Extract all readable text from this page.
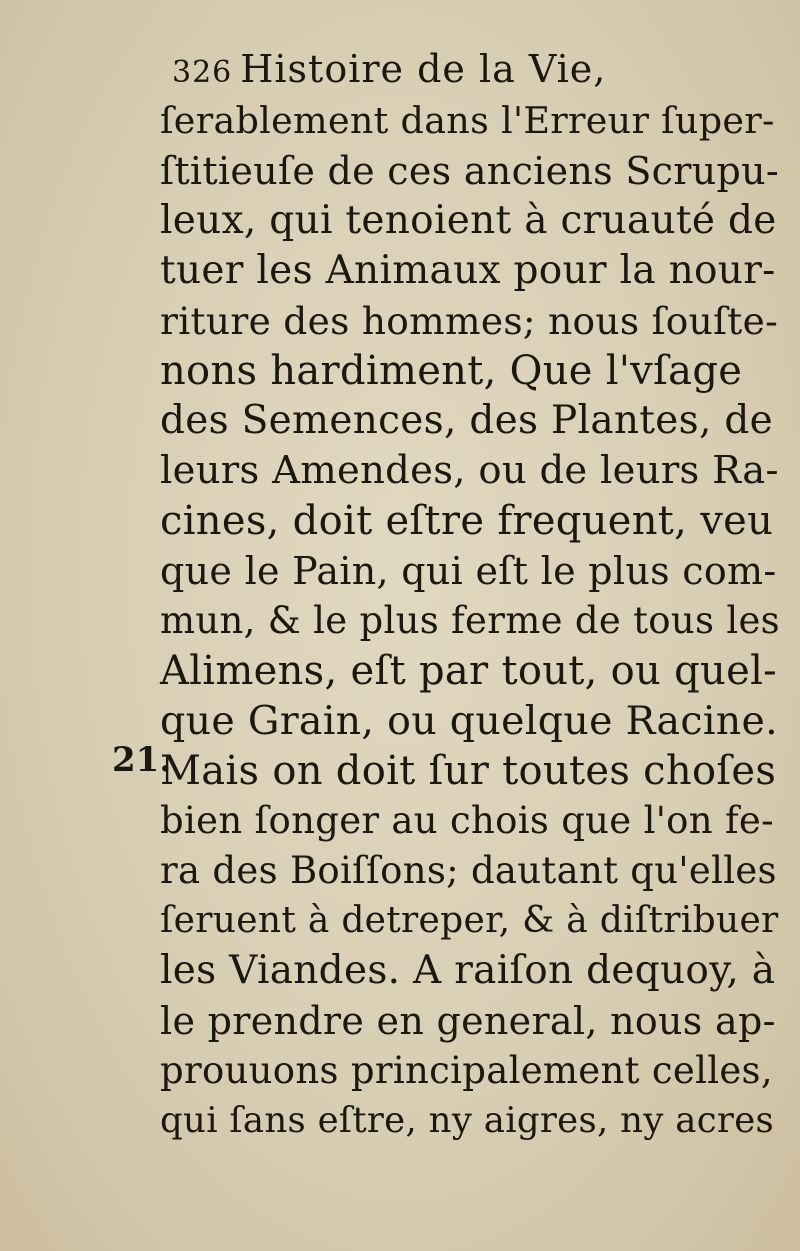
326 Histoire de la Vie,
21.
ſerablement dans l'Erreur ſuper-
ſtitieuſe de ces anciens Scrupu-
leux, qui tenoient à cruauté de
tuer les Animaux pour la nour-
riture des hommes; nous ſouſte-
nons hardiment, Que l'vſage
des Semences, des Plantes, de
leurs Amendes, ou de leurs Ra-
cines, doit eſtre frequent, veu
que le Pain, qui eſt le plus com-
mun, & le plus ferme de tous les
Alimens, eſt par tout, ou quel-
que Grain, ou quelque Racine.
Mais on doit ſur toutes choſes
bien ſonger au chois que l'on fe-
ra des Boiſſons; dautant qu'elles
ſeruent à detreper, & à diſtribuer
les Viandes. A raiſon dequoy, à
le prendre en general, nous ap-
prouuons principalement celles,
qui ſans eſtre, ny aigres, ny acres
